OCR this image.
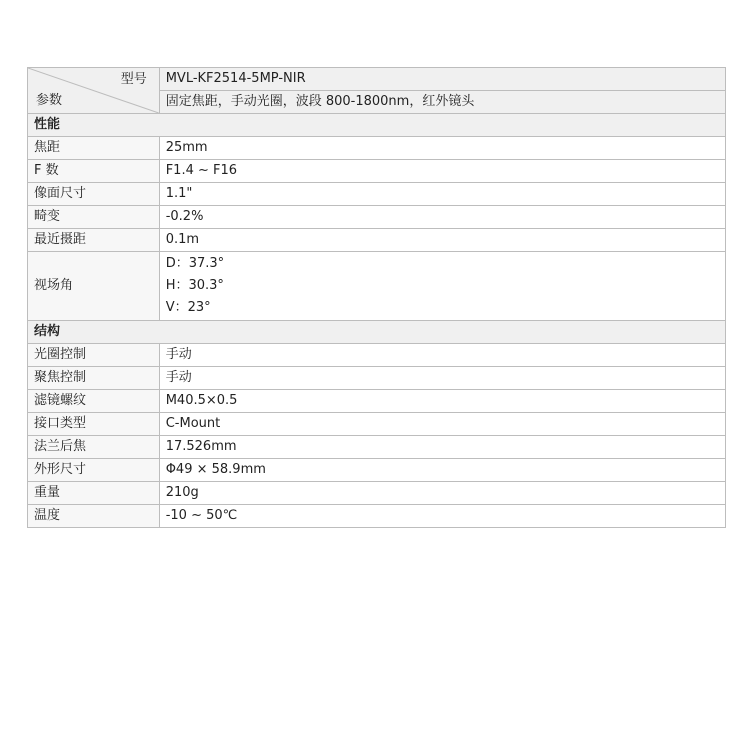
型号
参数	MVL-KF2514-5MP-NIR
	固定焦距，手动光圈，波段 800-1800nm，红外镜头
性能	
焦距	25mm
F 数	F1.4 ~ F16
像面尺寸	1.1"
畸变	-0.2%
最近摄距	0.1m
视场角	D：37.3°
H：30.3°
V：23°

结构	
光圈控制	手动
聚焦控制	手动
滤镜螺纹	M40.5×0.5
接口类型	C-Mount
法兰后焦	17.526mm
外形尺寸	Φ49 × 58.9mm
重量	210g
温度	-10 ~ 50℃
